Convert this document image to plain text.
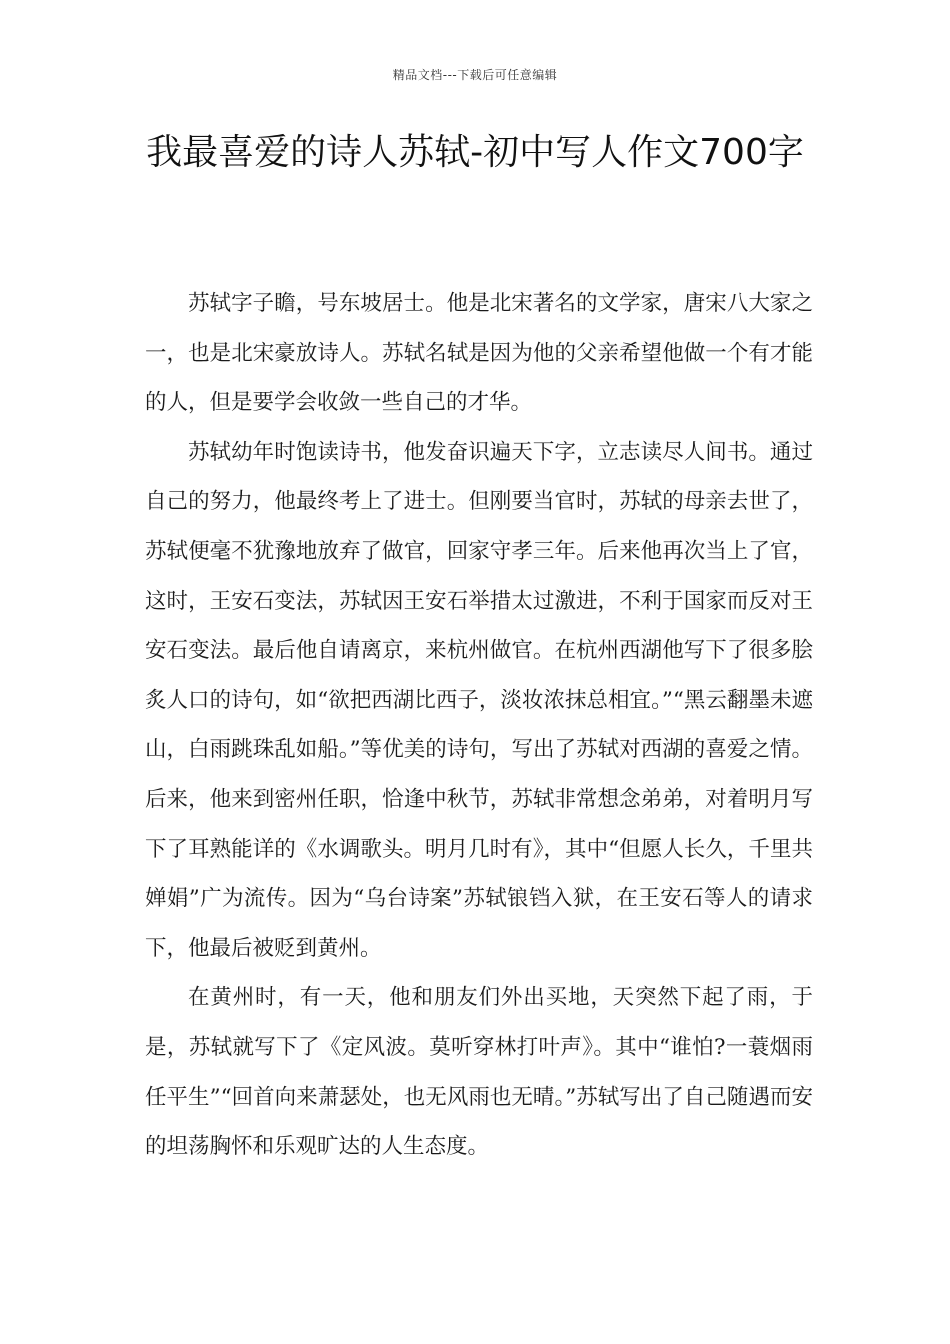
精品文档---下载后可任意编辑
我最喜爱的诗人苏轼-初中写人作文700字

苏轼字子瞻，号东坡居士。他是北宋著名的文学家，唐宋八大家之一，也是北宋豪放诗人。苏轼名轼是因为他的父亲希望他做一个有才能的人，但是要学会收敛一些自己的才华。

苏轼幼年时饱读诗书，他发奋识遍天下字，立志读尽人间书。通过自己的努力，他最终考上了进士。但刚要当官时，苏轼的母亲去世了，苏轼便毫不犹豫地放弃了做官，回家守孝三年。后来他再次当上了官，这时，王安石变法，苏轼因王安石举措太过激进，不利于国家而反对王安石变法。最后他自请离京，来杭州做官。在杭州西湖他写下了很多脍炙人口的诗句，如“欲把西湖比西子，淡妆浓抹总相宜。”“黑云翻墨未遮山，白雨跳珠乱如船。”等优美的诗句，写出了苏轼对西湖的喜爱之情。后来，他来到密州任职，恰逢中秋节，苏轼非常想念弟弟，对着明月写下了耳熟能详的《水调歌头。明月几时有》，其中“但愿人长久，千里共婵娟”广为流传。因为“乌台诗案”苏轼锒铛入狱，在王安石等人的请求下，他最后被贬到黄州。

在黄州时，有一天，他和朋友们外出买地，天突然下起了雨，于是，苏轼就写下了《定风波。莫听穿林打叶声》。其中“谁怕?一蓑烟雨任平生”“回首向来萧瑟处，也无风雨也无晴。”苏轼写出了自己随遇而安的坦荡胸怀和乐观旷达的人生态度。
